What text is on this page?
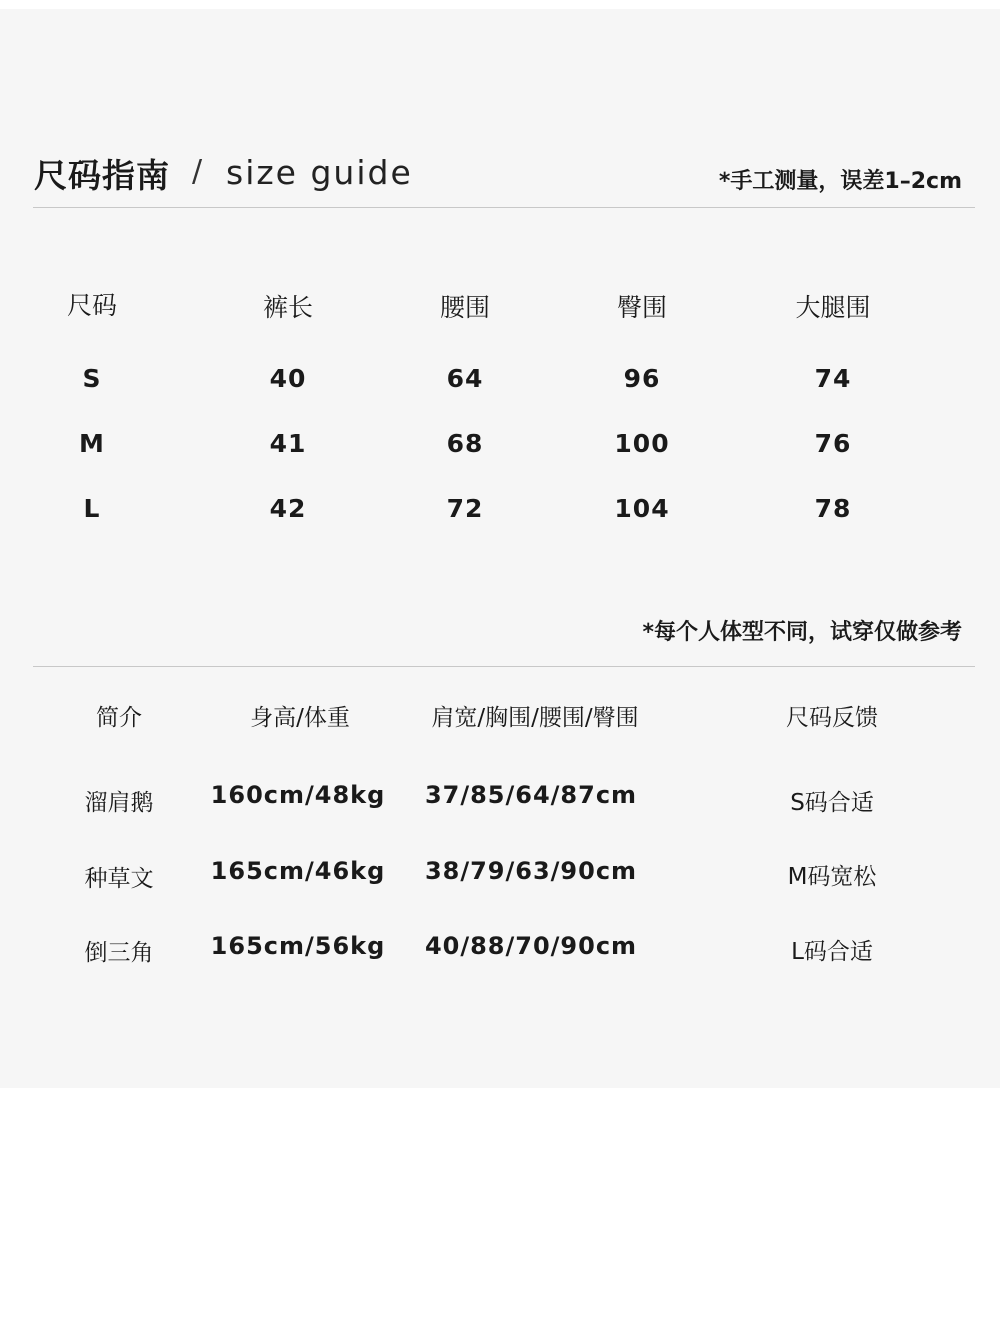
尺码指南 / size guide	*手工测量，误差1–2cm
尺码	裤长	腰围	臀围	大腿围
S	40	64	96	74
M	41	68	100	76
L	42	72	104	78
*每个人体型不同，试穿仅做参考
简介	身高/体重	肩宽/胸围/腰围/臀围	尺码反馈
溜肩鹅 160cm/48kg 37/85/64/87cm	S码合适
种草文 165cm/46kg 38/79/63/90cm	M码宽松
倒三角 165cm/56kg 40/88/70/90cm	L码合适
